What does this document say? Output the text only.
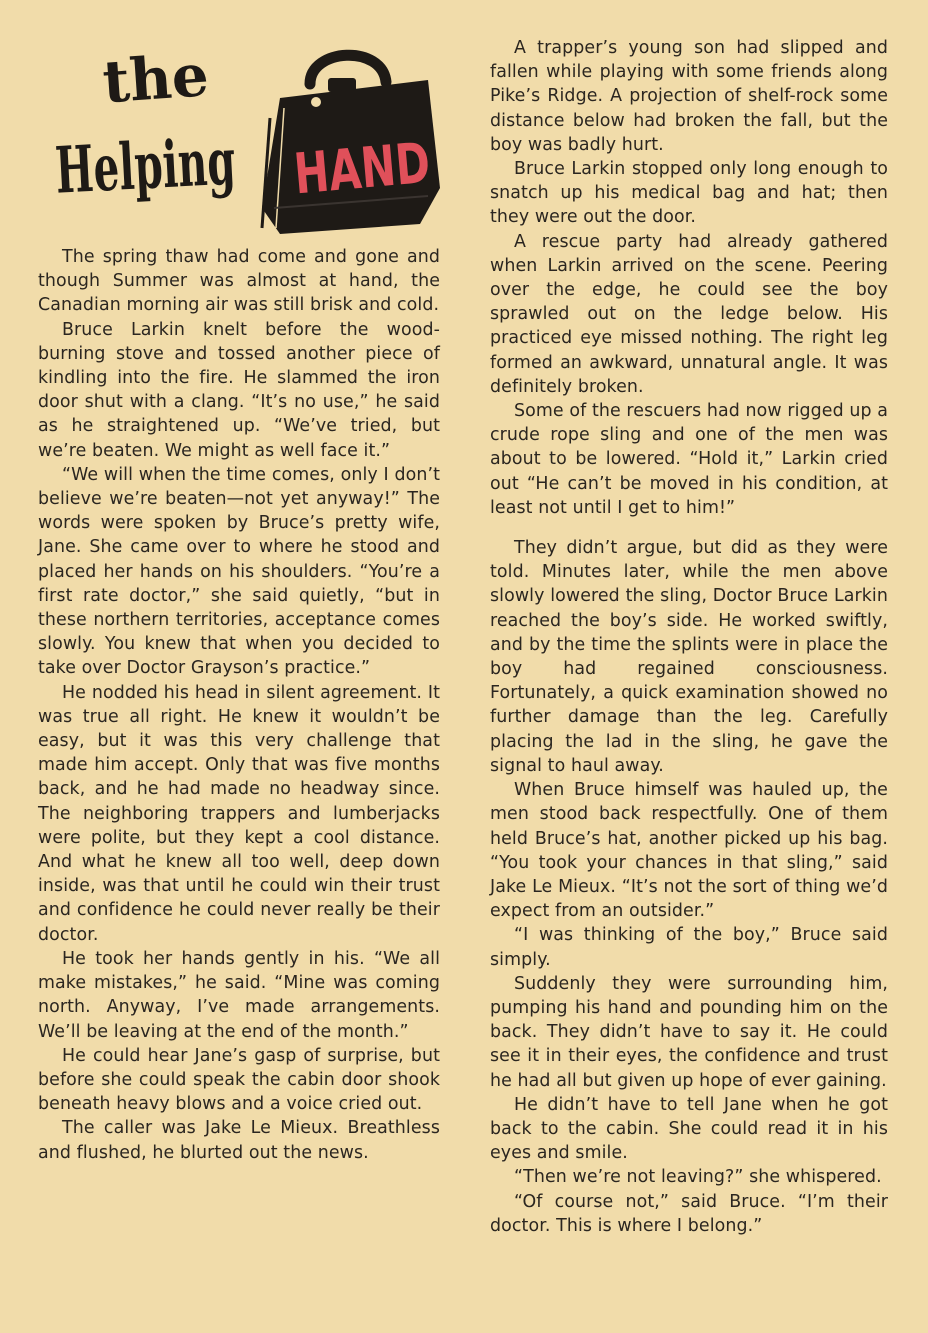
the
Helping
HAND

The spring thaw had come and gone and though Summer was almost at hand, the Canadian morning air was still brisk and cold.

Bruce Larkin knelt before the wood-burning stove and tossed another piece of kindling into the fire. He slammed the iron door shut with a clang. “It’s no use,” he said as he straightened up. “We’ve tried, but we’re beaten. We might as well face it.”

“We will when the time comes, only I don’t believe we’re beaten—not yet anyway!” The words were spoken by Bruce’s pretty wife, Jane. She came over to where he stood and placed her hands on his shoulders. “You’re a first rate doctor,” she said quietly, “but in these northern territories, acceptance comes slowly. You knew that when you decided to take over Doctor Grayson’s practice.”

He nodded his head in silent agreement. It was true all right. He knew it wouldn’t be easy, but it was this very challenge that made him accept. Only that was five months back, and he had made no headway since. The neighboring trappers and lumberjacks were polite, but they kept a cool distance. And what he knew all too well, deep down inside, was that until he could win their trust and confidence he could never really be their doctor.

He took her hands gently in his. “We all make mistakes,” he said. “Mine was coming north. Anyway, I’ve made arrangements. We’ll be leaving at the end of the month.”

He could hear Jane’s gasp of surprise, but before she could speak the cabin door shook beneath heavy blows and a voice cried out.

The caller was Jake Le Mieux. Breathless and flushed, he blurted out the news.

A trapper’s young son had slipped and fallen while playing with some friends along Pike’s Ridge. A projection of shelf-rock some distance below had broken the fall, but the boy was badly hurt.

Bruce Larkin stopped only long enough to snatch up his medical bag and hat; then they were out the door.

A rescue party had already gathered when Larkin arrived on the scene. Peering over the edge, he could see the boy sprawled out on the ledge below. His practiced eye missed nothing. The right leg formed an awkward, unnatural angle. It was definitely broken.

Some of the rescuers had now rigged up a crude rope sling and one of the men was about to be lowered. “Hold it,” Larkin cried out “He can’t be moved in his condition, at least not until I get to him!”

They didn’t argue, but did as they were told. Minutes later, while the men above slowly lowered the sling, Doctor Bruce Larkin reached the boy’s side. He worked swiftly, and by the time the splints were in place the boy had regained consciousness. Fortunately, a quick examination showed no further damage than the leg. Carefully placing the lad in the sling, he gave the signal to haul away.

When Bruce himself was hauled up, the men stood back respectfully. One of them held Bruce’s hat, another picked up his bag. “You took your chances in that sling,” said Jake Le Mieux. “It’s not the sort of thing we’d expect from an outsider.”

“I was thinking of the boy,” Bruce said simply.

Suddenly they were surrounding him, pumping his hand and pounding him on the back. They didn’t have to say it. He could see it in their eyes, the confidence and trust he had all but given up hope of ever gaining.

He didn’t have to tell Jane when he got back to the cabin. She could read it in his eyes and smile.

“Then we’re not leaving?” she whispered.

“Of course not,” said Bruce. “I’m their doctor. This is where I belong.”
